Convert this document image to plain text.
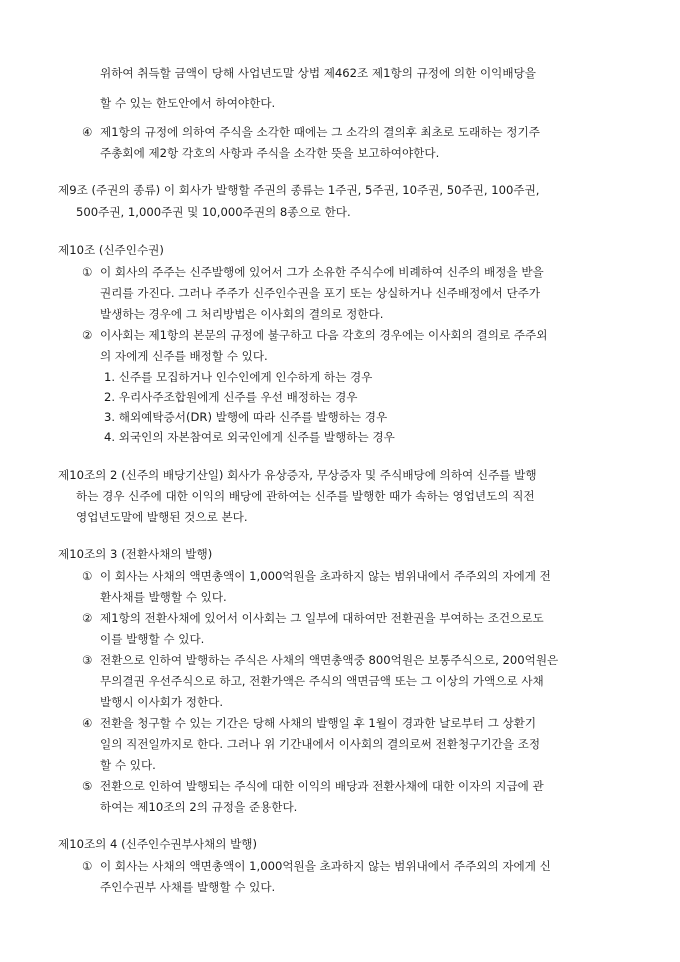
위하여 취득할 금액이 당해 사업년도말 상법 제462조 제1항의 규정에 의한 이익배당을
할 수 있는 한도안에서 하여야한다.
④ 제1항의 규정에 의하여 주식을 소각한 때에는 그 소각의 결의후 최초로 도래하는 정기주
주총회에 제2항 각호의 사항과 주식을 소각한 뜻을 보고하여야한다.
제9조 (주권의 종류) 이 회사가 발행할 주권의 종류는 1주권, 5주권, 10주권, 50주권, 100주권,
500주권, 1,000주권 및 10,000주권의 8종으로 한다.
제10조 (신주인수권)
① 이 회사의 주주는 신주발행에 있어서 그가 소유한 주식수에 비례하여 신주의 배정을 받을
권리를 가진다. 그러나 주주가 신주인수권을 포기 또는 상실하거나 신주배정에서 단주가
발생하는 경우에 그 처리방법은 이사회의 결의로 정한다.
② 이사회는 제1항의 본문의 규정에 불구하고 다음 각호의 경우에는 이사회의 결의로 주주외
의 자에게 신주를 배정할 수 있다.
1. 신주를 모집하거나 인수인에게 인수하게 하는 경우
2. 우리사주조합원에게 신주를 우선 배정하는 경우
3. 해외예탁증서(DR) 발행에 따라 신주를 발행하는 경우
4. 외국인의 자본참여로 외국인에게 신주를 발행하는 경우
제10조의 2 (신주의 배당기산일) 회사가 유상증자, 무상증자 및 주식배당에 의하여 신주를 발행
하는 경우 신주에 대한 이익의 배당에 관하여는 신주를 발행한 때가 속하는 영업년도의 직전
영업년도말에 발행된 것으로 본다.
제10조의 3 (전환사채의 발행)
① 이 회사는 사채의 액면총액이 1,000억원을 초과하지 않는 범위내에서 주주외의 자에게 전
환사채를 발행할 수 있다.
② 제1항의 전환사채에 있어서 이사회는 그 일부에 대하여만 전환권을 부여하는 조건으로도
이를 발행할 수 있다.
③ 전환으로 인하여 발행하는 주식은 사채의 액면총액중 800억원은 보통주식으로, 200억원은
무의결권 우선주식으로 하고, 전환가액은 주식의 액면금액 또는 그 이상의 가액으로 사채
발행시 이사회가 정한다.
④ 전환을 청구할 수 있는 기간은 당해 사채의 발행일 후 1월이 경과한 날로부터 그 상환기
일의 직전일까지로 한다. 그러나 위 기간내에서 이사회의 결의로써 전환청구기간을 조정
할 수 있다.
⑤ 전환으로 인하여 발행되는 주식에 대한 이익의 배당과 전환사채에 대한 이자의 지급에 관
하여는 제10조의 2의 규정을 준용한다.
제10조의 4 (신주인수권부사채의 발행)
① 이 회사는 사채의 액면총액이 1,000억원을 초과하지 않는 범위내에서 주주외의 자에게 신
주인수권부 사채를 발행할 수 있다.
